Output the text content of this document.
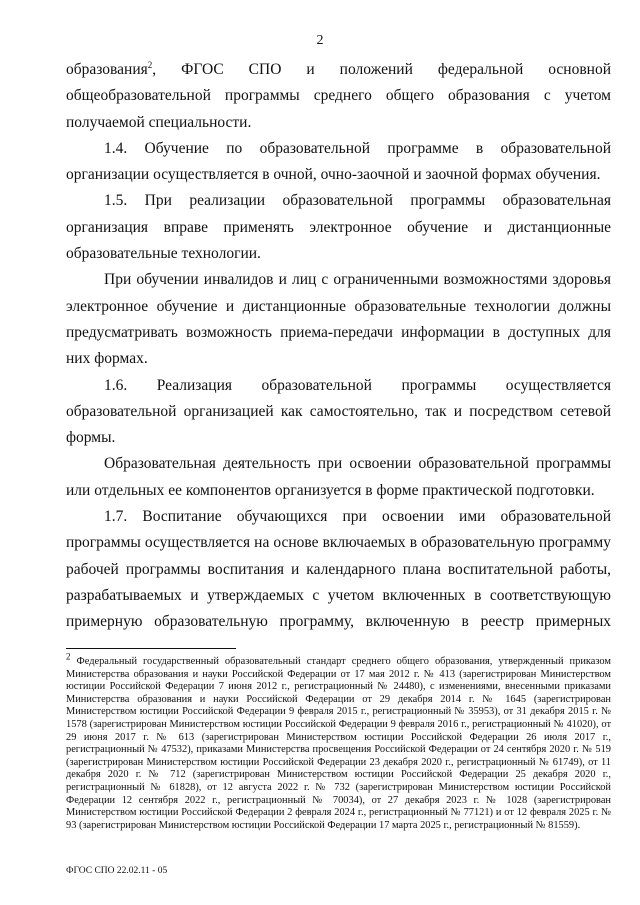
2

образования$^2$, ФГОС СПО и положений федеральной основной общеобразовательной программы среднего общего образования с учетом получаемой специальности.

1.4. Обучение по образовательной программе в образовательной организации осуществляется в очной, очно-заочной и заочной формах обучения.

1.5. При реализации образовательной программы образовательная организация вправе применять электронное обучение и дистанционные образовательные технологии.

При обучении инвалидов и лиц с ограниченными возможностями здоровья электронное обучение и дистанционные образовательные технологии должны предусматривать возможность приема-передачи информации в доступных для них формах.

1.6. Реализация образовательной программы осуществляется образовательной организацией как самостоятельно, так и посредством сетевой формы.

Образовательная деятельность при освоении образовательной программы или отдельных ее компонентов организуется в форме практической подготовки.

1.7. Воспитание обучающихся при освоении ими образовательной программы осуществляется на основе включаемых в образовательную программу рабочей программы воспитания и календарного плана воспитательной работы, разрабатываемых и утверждаемых с учетом включенных в соответствующую примерную образовательную программу, включенную в реестр примерных

$^2$ Федеральный государственный образовательный стандарт среднего общего образования, утвержденный приказом Министерства образования и науки Российской Федерации от 17 мая 2012 г. № 413 (зарегистрирован Министерством юстиции Российской Федерации 7 июня 2012 г., регистрационный № 24480), с изменениями, внесенными приказами Министерства образования и науки Российской Федерации от 29 декабря 2014 г. № 1645 (зарегистрирован Министерством юстиции Российской Федерации 9 февраля 2015 г., регистрационный № 35953), от 31 декабря 2015 г. № 1578 (зарегистрирован Министерством юстиции Российской Федерации 9 февраля 2016 г., регистрационный № 41020), от 29 июня 2017 г. № 613 (зарегистрирован Министерством юстиции Российской Федерации 26 июля 2017 г., регистрационный № 47532), приказами Министерства просвещения Российской Федерации от 24 сентября 2020 г. № 519 (зарегистрирован Министерством юстиции Российской Федерации 23 декабря 2020 г., регистрационный № 61749), от 11 декабря 2020 г. № 712 (зарегистрирован Министерством юстиции Российской Федерации 25 декабря 2020 г., регистрационный № 61828), от 12 августа 2022 г. № 732 (зарегистрирован Министерством юстиции Российской Федерации 12 сентября 2022 г., регистрационный № 70034), от 27 декабря 2023 г. № 1028 (зарегистрирован Министерством юстиции Российской Федерации 2 февраля 2024 г., регистрационный № 77121) и от 12 февраля 2025 г. № 93 (зарегистрирован Министерством юстиции Российской Федерации 17 марта 2025 г., регистрационный № 81559).

ФГОС СПО 22.02.11 - 05
